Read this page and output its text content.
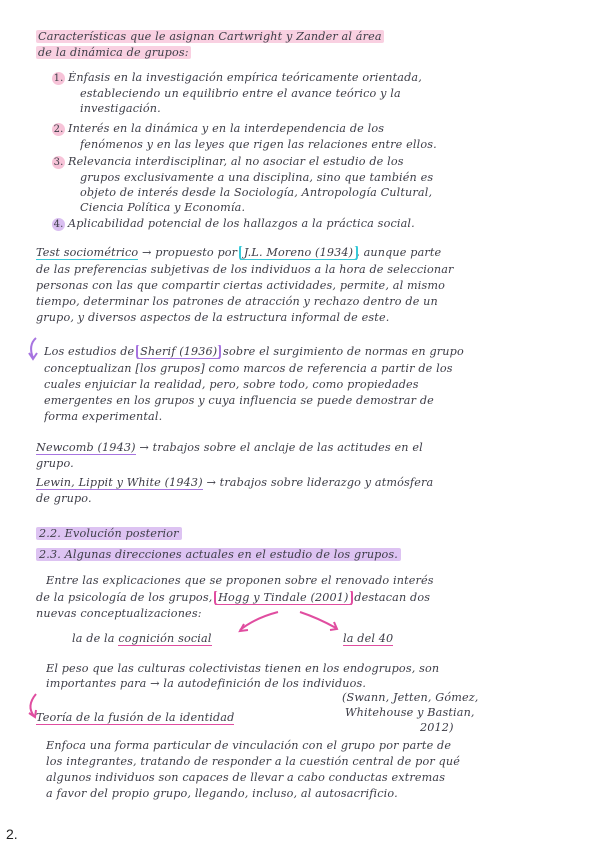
Características que le asignan Cartwright y Zander al área
de la dinámica de grupos:
1. Énfasis en la investigación empírica teóricamente orientada,
estableciendo un equilibrio entre el avance teórico y la
investigación.
2. Interés en la dinámica y en la interdependencia de los
fenómenos y en las leyes que rigen las relaciones entre ellos.
3. Relevancia interdisciplinar, al no asociar el estudio de los
grupos exclusivamente a una disciplina, sino que también es
objeto de interés desde la Sociología, Antropología Cultural,
Ciencia Política y Economía.
4. Aplicabilidad potencial de los hallazgos a la práctica social.
Test sociométrico → propuesto por J.L. Moreno (1934) , aunque parte
de las preferencias subjetivas de los individuos a la hora de seleccionar
personas con las que compartir ciertas actividades, permite, al mismo
tiempo, determinar los patrones de atracción y rechazo dentro de un
grupo, y diversos aspectos de la estructura informal de este.
Los estudios de Sherif (1936) sobre el surgimiento de normas en grupo
conceptualizan [los grupos] como marcos de referencia a partir de los
cuales enjuiciar la realidad, pero, sobre todo, como propiedades
emergentes en los grupos y cuya influencia se puede demostrar de
forma experimental.
Newcomb (1943) → trabajos sobre el anclaje de las actitudes en el
grupo.
Lewin, Lippit y White (1943) → trabajos sobre liderazgo y atmósfera
de grupo.
2.2. Evolución posterior
2.3. Algunas direcciones actuales en el estudio de los grupos.
Entre las explicaciones que se proponen sobre el renovado interés
de la psicología de los grupos, Hogg y Tindale (2001) destacan dos
nuevas conceptualizaciones:
la de la cognición social	la del 40
El peso que las culturas colectivistas tienen en los endogrupos, son
importantes para → la autodefinición de los individuos.
(Swann, Jetten, Gómez,
Whitehouse y Bastian,
2012)
Teoría de la fusión de la identidad
Enfoca una forma particular de vinculación con el grupo por parte de
los integrantes, tratando de responder a la cuestión central de por qué
algunos individuos son capaces de llevar a cabo conductas extremas
a favor del propio grupo, llegando, incluso, al autosacrificio.
2.
